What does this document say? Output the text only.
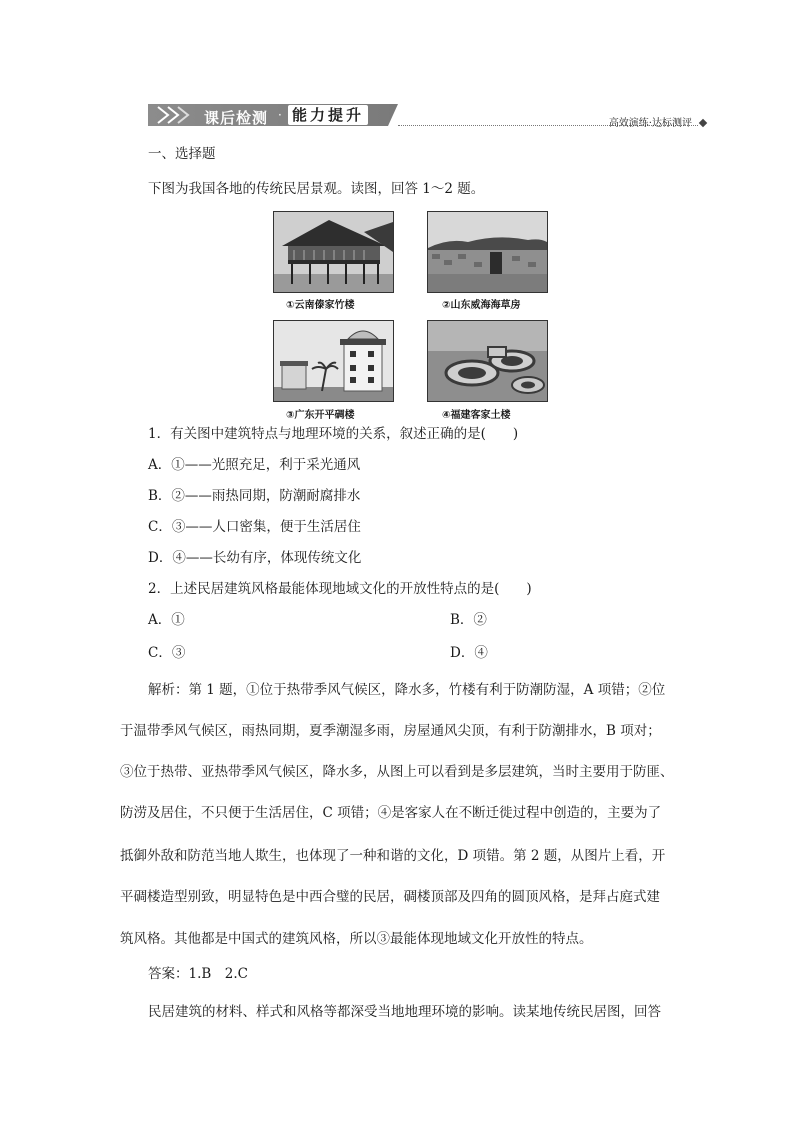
课后检测 · 能力提升	高效演练·达标测评
一、选择题
下图为我国各地的传统民居景观。读图，回答 1～2 题。
①云南傣家竹楼	②山东威海海草房
③广东开平碉楼	④福建客家土楼
1．有关图中建筑特点与地理环境的关系，叙述正确的是(　　)
A．①——光照充足，利于采光通风
B．②——雨热同期，防潮耐腐排水
C．③——人口密集，便于生活居住
D．④——长幼有序，体现传统文化
2．上述民居建筑风格最能体现地域文化的开放性特点的是(　　)
A．①	B．②
C．③	D．④
解析：第 1 题，①位于热带季风气候区，降水多，竹楼有利于防潮防湿，A 项错；②位
于温带季风气候区，雨热同期，夏季潮湿多雨，房屋通风尖顶，有利于防潮排水，B 项对；
③位于热带、亚热带季风气候区，降水多，从图上可以看到是多层建筑，当时主要用于防匪、
防涝及居住，不只便于生活居住，C 项错；④是客家人在不断迁徙过程中创造的，主要为了
抵御外敌和防范当地人欺生，也体现了一种和谐的文化，D 项错。第 2 题，从图片上看，开
平碉楼造型别致，明显特色是中西合璧的民居，碉楼顶部及四角的圆顶风格，是拜占庭式建
筑风格。其他都是中国式的建筑风格，所以③最能体现地域文化开放性的特点。
答案：1.B　2.C
民居建筑的材料、样式和风格等都深受当地地理环境的影响。读某地传统民居图，回答
